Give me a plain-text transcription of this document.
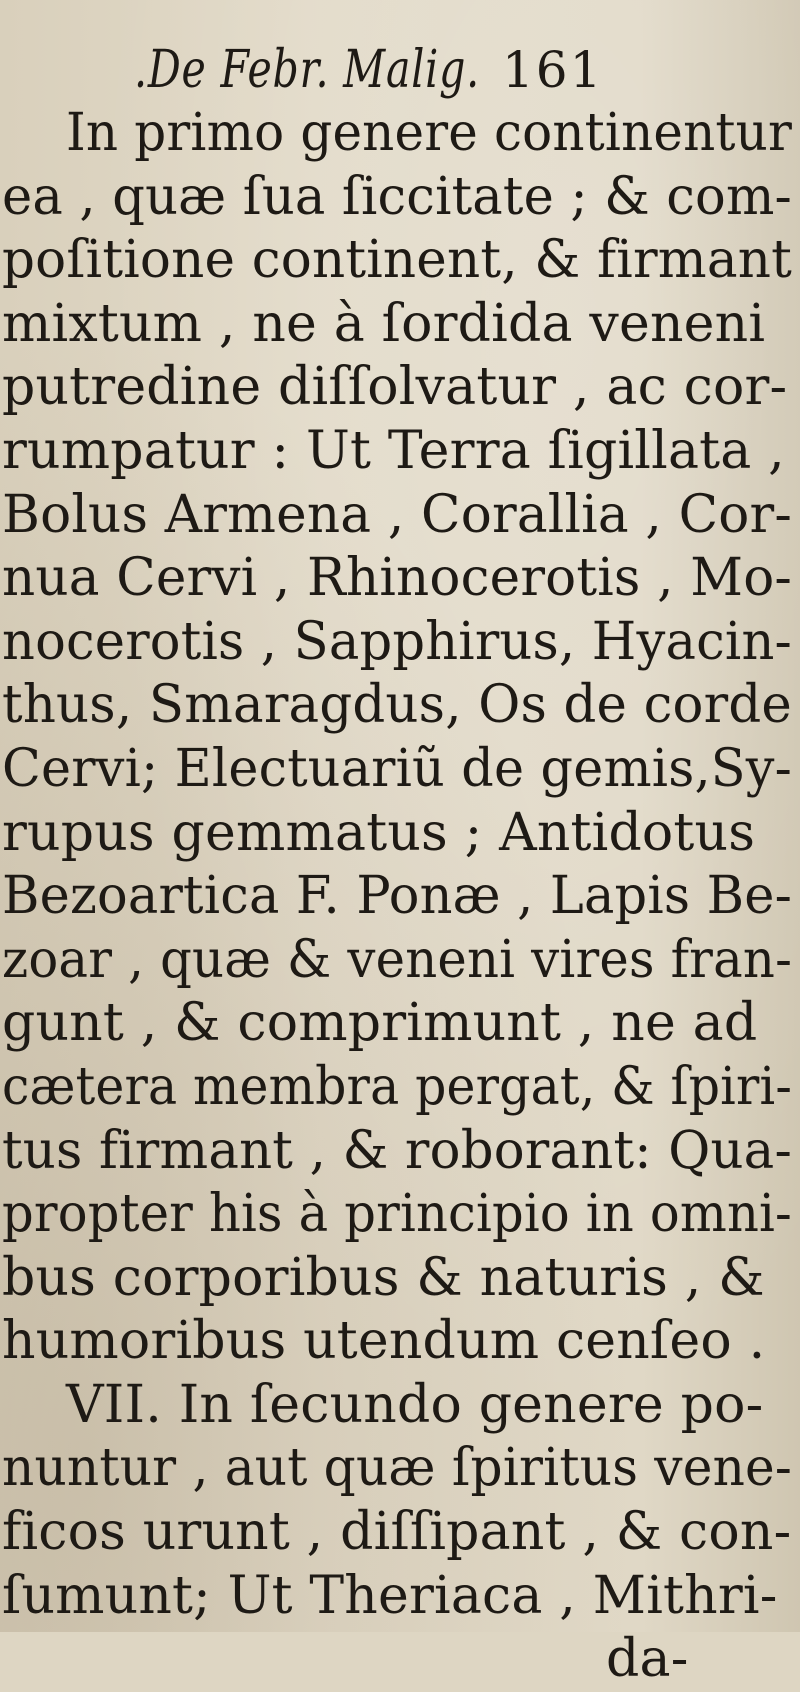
.De Febr. Malig. 161
In primo genere continentur
ea , quæ ſua ſiccitate ; & com-
poſitione continent, & firmant
mixtum , ne à ſordida veneni
putredine diſſolvatur , ac cor-
rumpatur : Ut Terra ſigillata ,
Bolus Armena , Corallia , Cor-
nua Cervi , Rhinocerotis , Mo-
nocerotis , Sapphirus, Hyacin-
thus, Smaragdus, Os de corde
Cervi; Electuariũ de gemis,Sy-
rupus gemmatus ; Antidotus
Bezoartica F. Ponæ , Lapis Be-
zoar , quæ & veneni vires fran-
gunt , & comprimunt , ne ad
cætera membra pergat, & ſpiri-
tus firmant , & roborant: Qua-
propter his à principio in omni-
bus corporibus & naturis , &
humoribus utendum cenſeo .
VII. In ſecundo genere po-
nuntur , aut quæ ſpiritus vene-
ficos urunt , diſſipant , & con-
ſumunt; Ut Theriaca , Mithri-
da-
